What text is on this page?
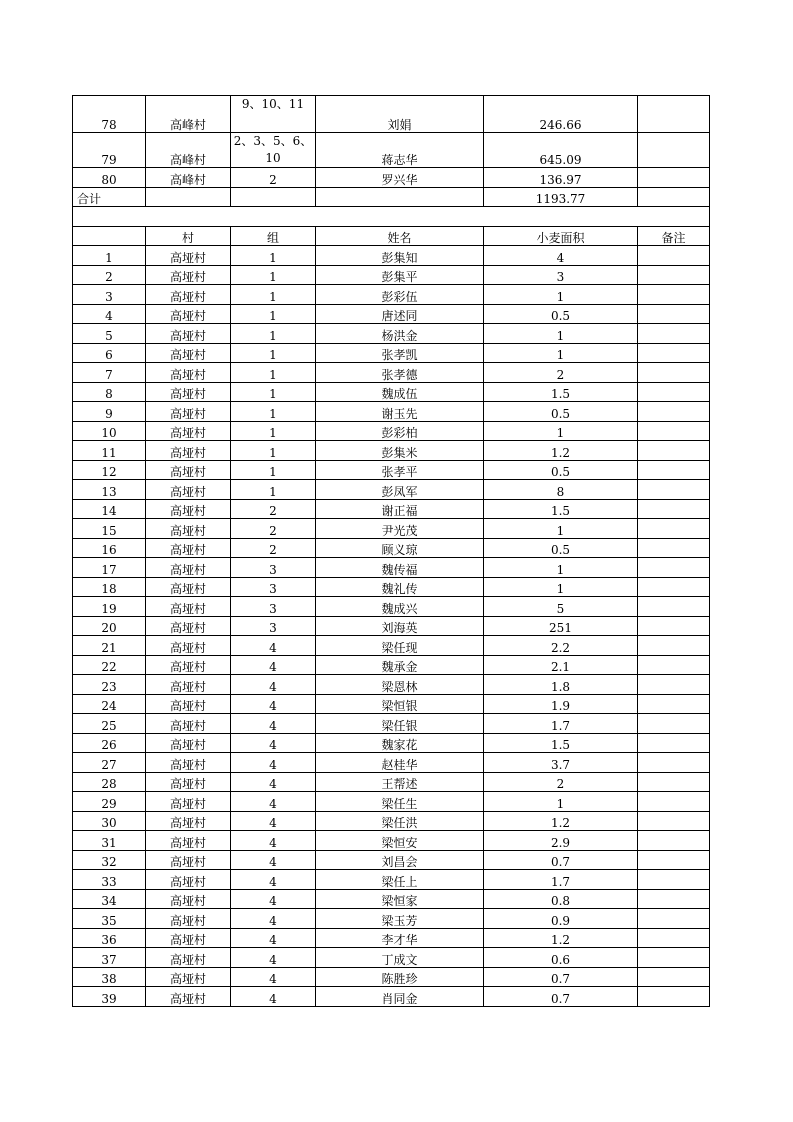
78	高峰村	9、10、11	刘娟	246.66	
79	高峰村	2、3、5、6、10	蒋志华	645.09	
80	高峰村	2	罗兴华	136.97	
合计				1193.77	

	村	组	姓名	小麦面积	备注
1	高垭村	1	彭集知	4	
2	高垭村	1	彭集平	3	
3	高垭村	1	彭彩伍	1	
4	高垭村	1	唐述同	0.5	
5	高垭村	1	杨洪金	1	
6	高垭村	1	张孝凯	1	
7	高垭村	1	张孝德	2	
8	高垭村	1	魏成伍	1.5	
9	高垭村	1	谢玉先	0.5	
10	高垭村	1	彭彩柏	1	
11	高垭村	1	彭集米	1.2	
12	高垭村	1	张孝平	0.5	
13	高垭村	1	彭凤军	8	
14	高垭村	2	谢正福	1.5	
15	高垭村	2	尹光茂	1	
16	高垭村	2	顾义琼	0.5	
17	高垭村	3	魏传福	1	
18	高垭村	3	魏礼传	1	
19	高垭村	3	魏成兴	5	
20	高垭村	3	刘海英	251	
21	高垭村	4	梁任现	2.2	
22	高垭村	4	魏承金	2.1	
23	高垭村	4	梁恩林	1.8	
24	高垭村	4	梁恒银	1.9	
25	高垭村	4	梁任银	1.7	
26	高垭村	4	魏家花	1.5	
27	高垭村	4	赵桂华	3.7	
28	高垭村	4	王帮述	2	
29	高垭村	4	梁任生	1	
30	高垭村	4	梁任洪	1.2	
31	高垭村	4	梁恒安	2.9	
32	高垭村	4	刘昌会	0.7	
33	高垭村	4	梁任上	1.7	
34	高垭村	4	梁恒家	0.8	
35	高垭村	4	梁玉芳	0.9	
36	高垭村	4	李才华	1.2	
37	高垭村	4	丁成文	0.6	
38	高垭村	4	陈胜珍	0.7	
39	高垭村	4	肖同金	0.7	
